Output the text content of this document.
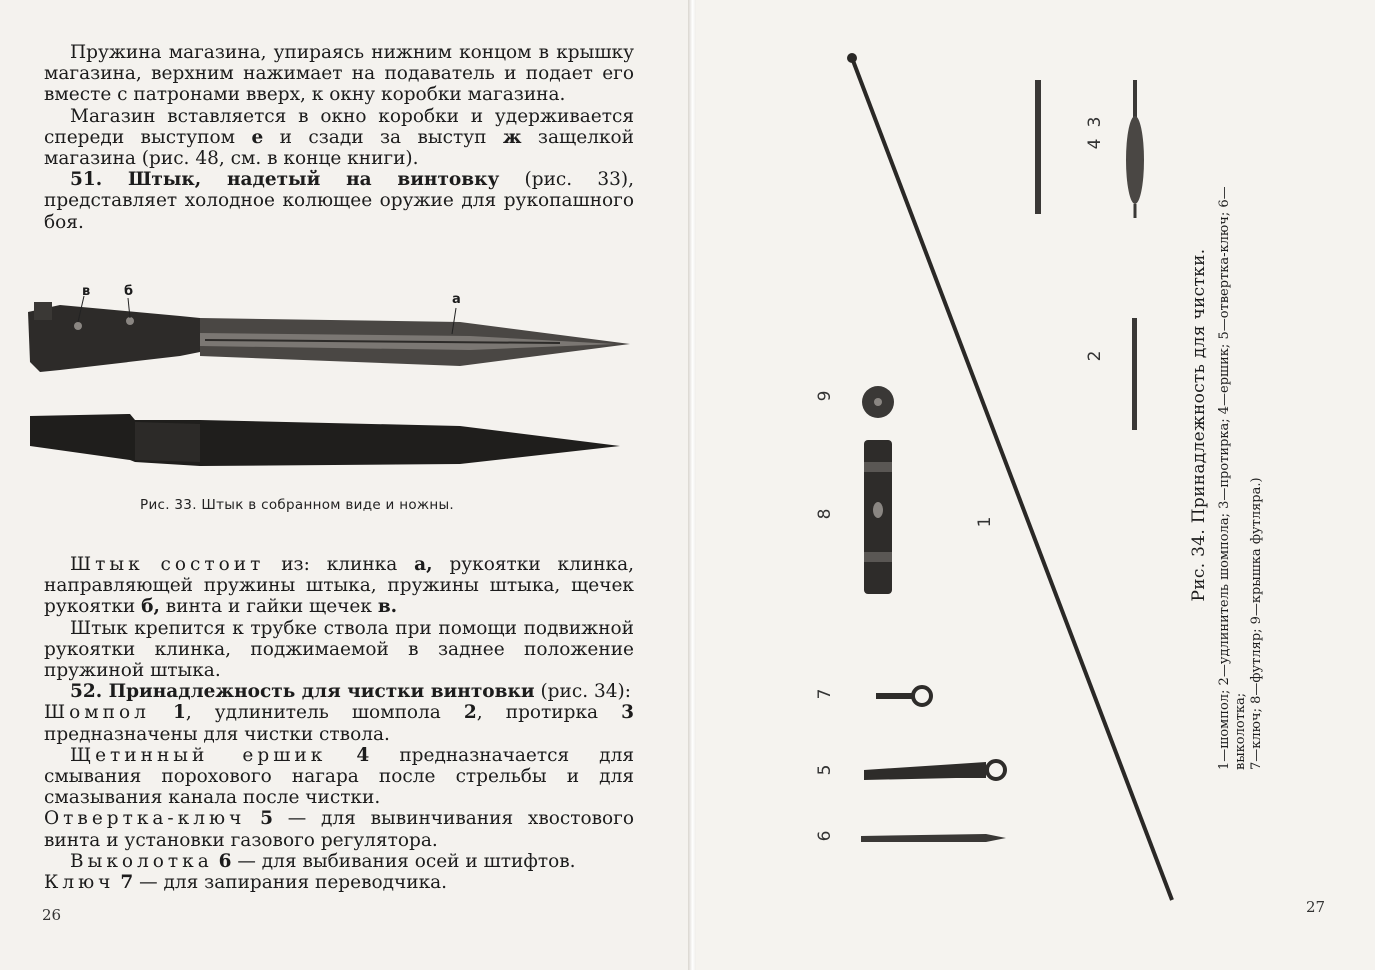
Пружина магазина, упираясь нижним концом в крышку магазина, верхним нажимает на подаватель и подает его вместе с патронами вверх, к окну коробки магазина.

Магазин вставляется в окно коробки и удерживается спереди выступом е и сзади за выступ ж защелкой магазина (рис. 48, см. в конце книги).

51. Штык, надетый на винтовку (рис. 33), представляет холодное колющее оружие для рукопашного боя.

в	б
а
Рис. 33. Штык в собранном виде и ножны.

Штык состоит из: клинка а, рукоятки клинка, направляющей пружины штыка, пружины штыка, щечек рукоятки б, винта и гайки щечек в.

Штык крепится к трубке ствола при помощи подвижной рукоятки клинка, поджимаемой в заднее положение пружиной штыка.

52. Принадлежность для чистки винтовки (рис. 34):

Шомпол 1, удлинитель шомпола 2, протирка 3 предназначены для чистки ствола.

Щетинный ершик 4 предназначается для смывания порохового нагара после стрельбы и для смазывания канала после чистки.

Отвертка-ключ 5 — для вывинчивания хвостового винта и установки газового регулятора.

Выколотка 6 — для выбивания осей и штифтов.

Ключ 7 — для запирания переводчика.

26
9
8
7
5
6
1
3
2
4
Рис. 34. Принадлежность для чистки. 1—шомпол; 2—удлинитель шомпола; 3—протирка; 4—ершик; 5—отвертка-ключ; 6—выколотка; 7—ключ; 8—футляр; 9—крышка футляра.)
27
